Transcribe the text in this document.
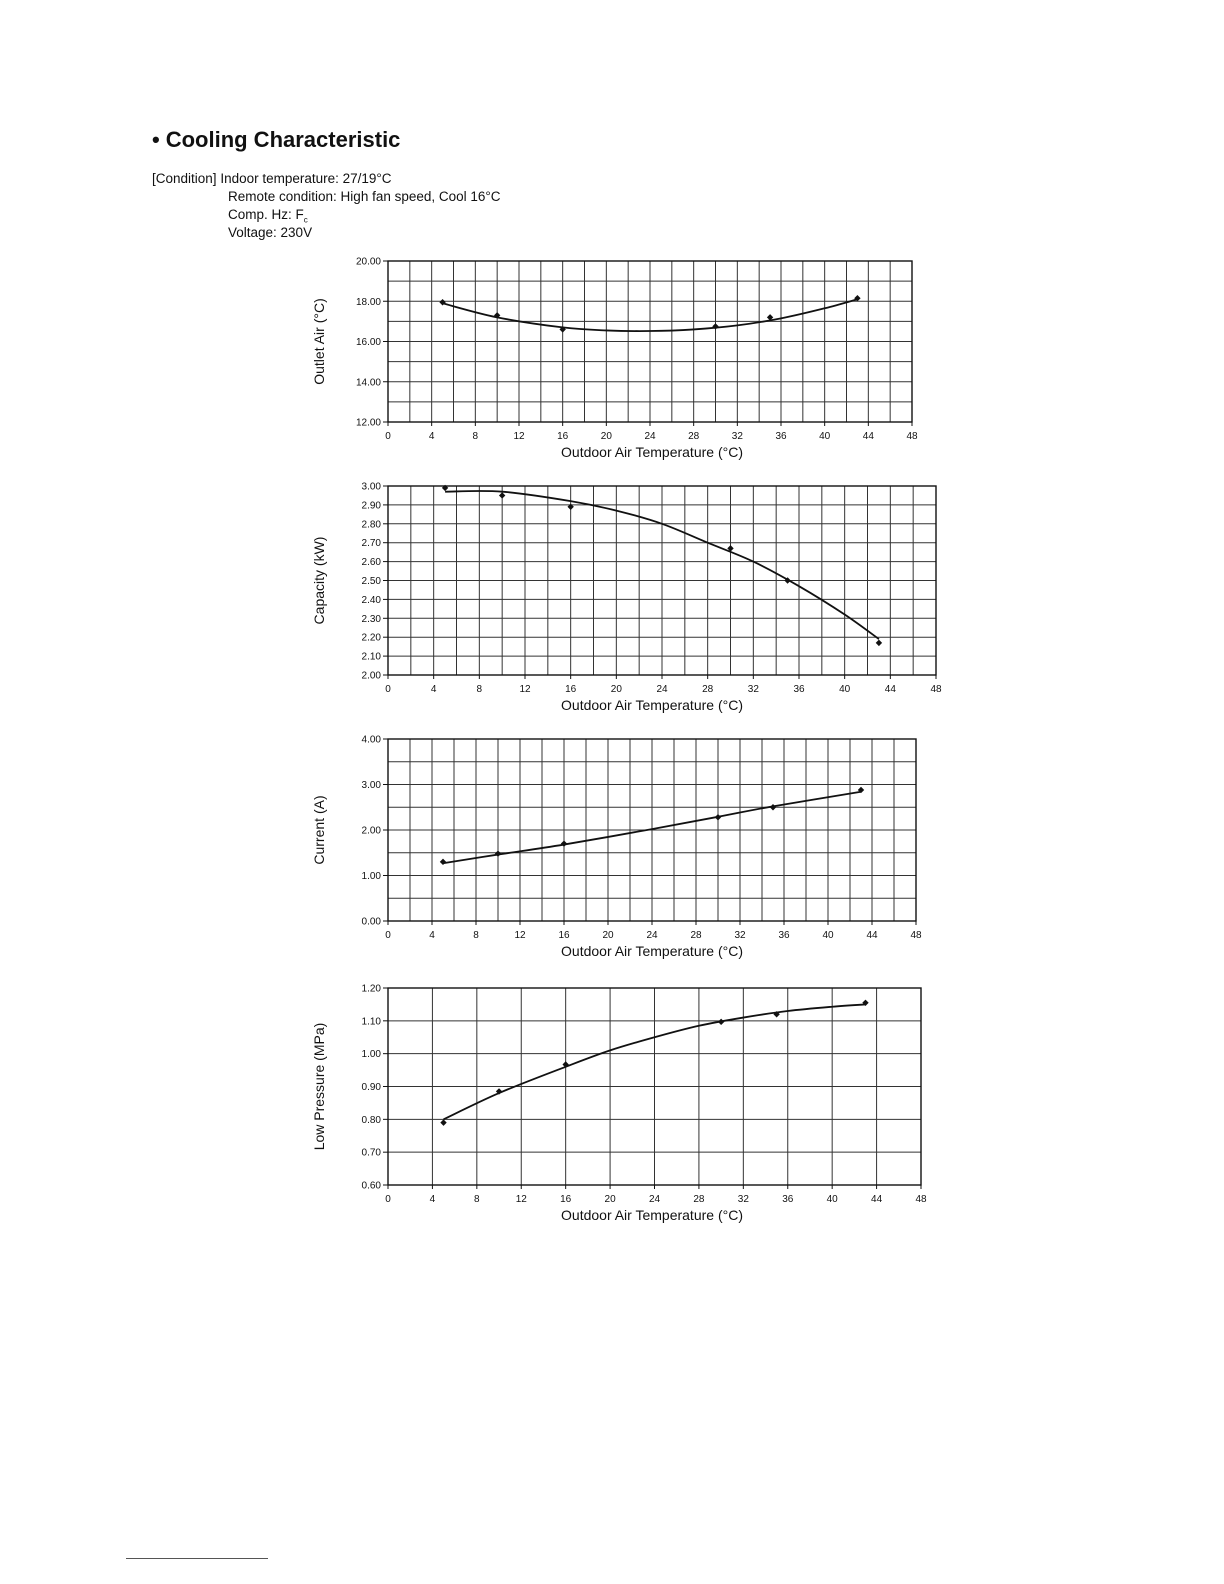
• Cooling Characteristic
[Condition] Indoor temperature: 27/19°C
Remote condition: High fan speed, Cool 16°C
Comp. Hz: $F_c$
Voltage: 230V
12.00
14.00
16.00
18.00
20.00
0	4	8	12	16	20	24	28	32	36	40	44	48
Outdoor Air Temperature (°C)
Outlet Air (°C)
2.00
2.10
2.20
2.30
2.40
2.50
2.60
2.70
2.80
2.90
3.00
0	4	8	12	16	20	24	28	32	36	40	44	48
Outdoor Air Temperature (°C)
Capacity (kW)
0.00
1.00
2.00
3.00
4.00
0	4	8	12	16	20	24	28	32	36	40	44	48
Outdoor Air Temperature (°C)
Current (A)
0.60
0.70
0.80
0.90
1.00
1.10
1.20
0	4	8	12	16	20	24	28	32	36	40	44	48
Outdoor Air Temperature (°C)
Low Pressure (MPa)
